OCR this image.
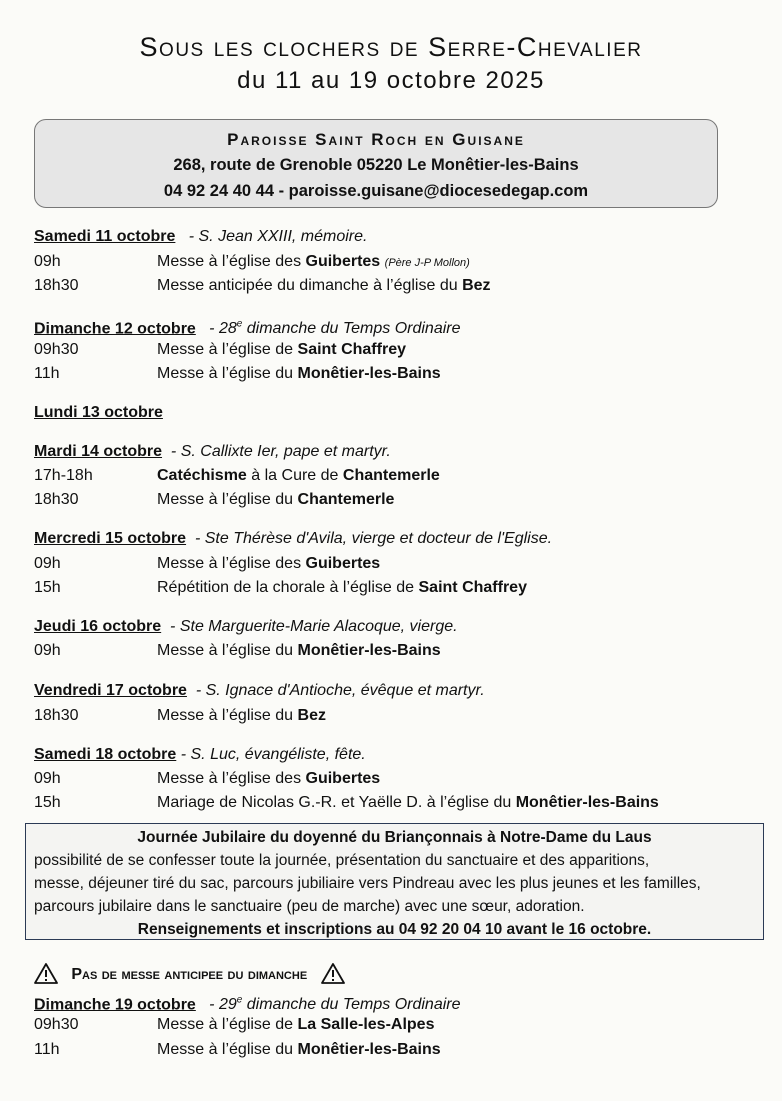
Sous les clochers de Serre-Chevalier
du 11 au 19 octobre 2025
Paroisse Saint Roch en Guisane
268, route de Grenoble 05220 Le Monêtier-les-Bains
04 92 24 40 44 - paroisse.guisane@diocesedegap.com
Samedi 11 octobre - S. Jean XXIII, mémoire.
09h	Messe à l’église des Guibertes (Père J-P Mollon)
18h30	Messe anticipée du dimanche à l’église du Bez
Dimanche 12 octobre - 28e dimanche du Temps Ordinaire
09h30	Messe à l’église de Saint Chaffrey
11h	Messe à l’église du Monêtier-les-Bains
Lundi 13 octobre
Mardi 14 octobre - S. Callixte Ier, pape et martyr.
17h-18h	Catéchisme à la Cure de Chantemerle
18h30	Messe à l’église du Chantemerle
Mercredi 15 octobre - Ste Thérèse d'Avila, vierge et docteur de l'Eglise.
09h	Messe à l’église des Guibertes
15h	Répétition de la chorale à l’église de Saint Chaffrey
Jeudi 16 octobre - Ste Marguerite-Marie Alacoque, vierge.
09h	Messe à l’église du Monêtier-les-Bains
Vendredi 17 octobre - S. Ignace d'Antioche, évêque et martyr.
18h30	Messe à l’église du Bez
Samedi 18 octobre - S. Luc, évangéliste, fête.
09h	Messe à l’église des Guibertes
15h	Mariage de Nicolas G.-R. et Yaëlle D. à l’église du Monêtier-les-Bains
Journée Jubilaire du doyenné du Briançonnais à Notre-Dame du Laus
possibilité de se confesser toute la journée, présentation du sanctuaire et des apparitions,
messe, déjeuner tiré du sac, parcours jubiliaire vers Pindreau avec les plus jeunes et les familles,
parcours jubilaire dans le sanctuaire (peu de marche) avec une sœur, adoration.
Renseignements et inscriptions au 04 92 20 04 10 avant le 16 octobre.
Pas de messe anticipee du dimanche
Dimanche 19 octobre - 29e dimanche du Temps Ordinaire
09h30	Messe à l’église de La Salle-les-Alpes
11h	Messe à l’église du Monêtier-les-Bains
